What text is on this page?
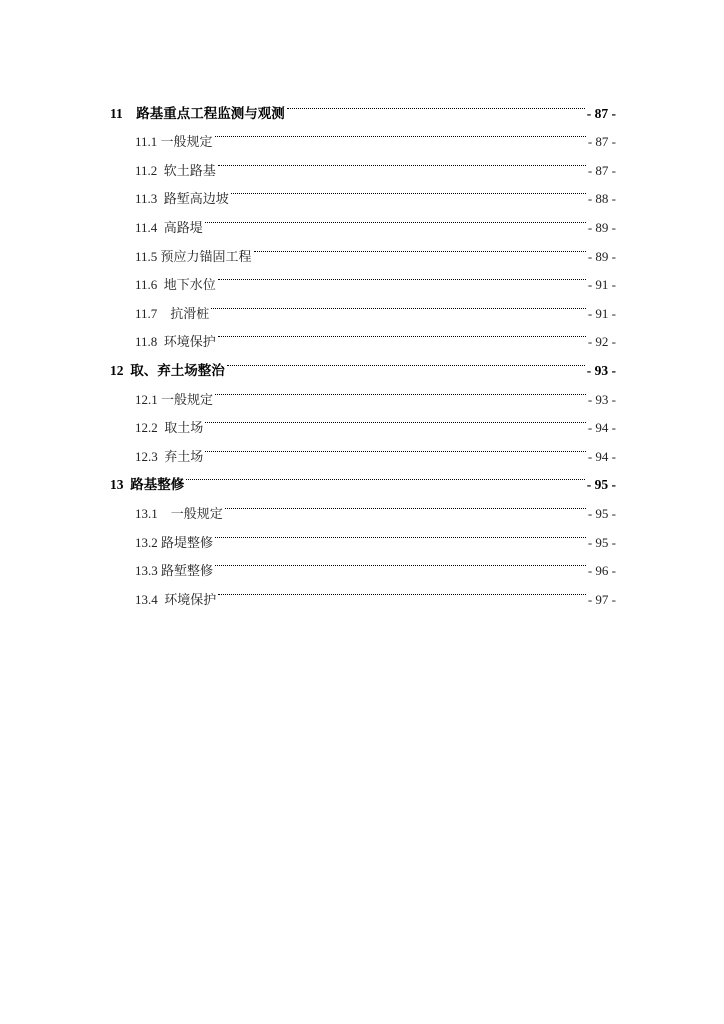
11    路基重点工程监测与观测	- 87 -
11.1 一般规定	- 87 -
11.2  软土路基	- 87 -
11.3  路堑高边坡	- 88 -
11.4  高路堤	- 89 -
11.5 预应力锚固工程	- 89 -
11.6  地下水位	- 91 -
11.7    抗滑桩	- 91 -
11.8  环境保护	- 92 -
12  取、弃土场整治	- 93 -
12.1 一般规定	- 93 -
12.2  取土场	- 94 -
12.3  弃土场	- 94 -
13  路基整修	- 95 -
13.1    一般规定	- 95 -
13.2 路堤整修	- 95 -
13.3 路堑整修	- 96 -
13.4  环境保护	- 97 -
